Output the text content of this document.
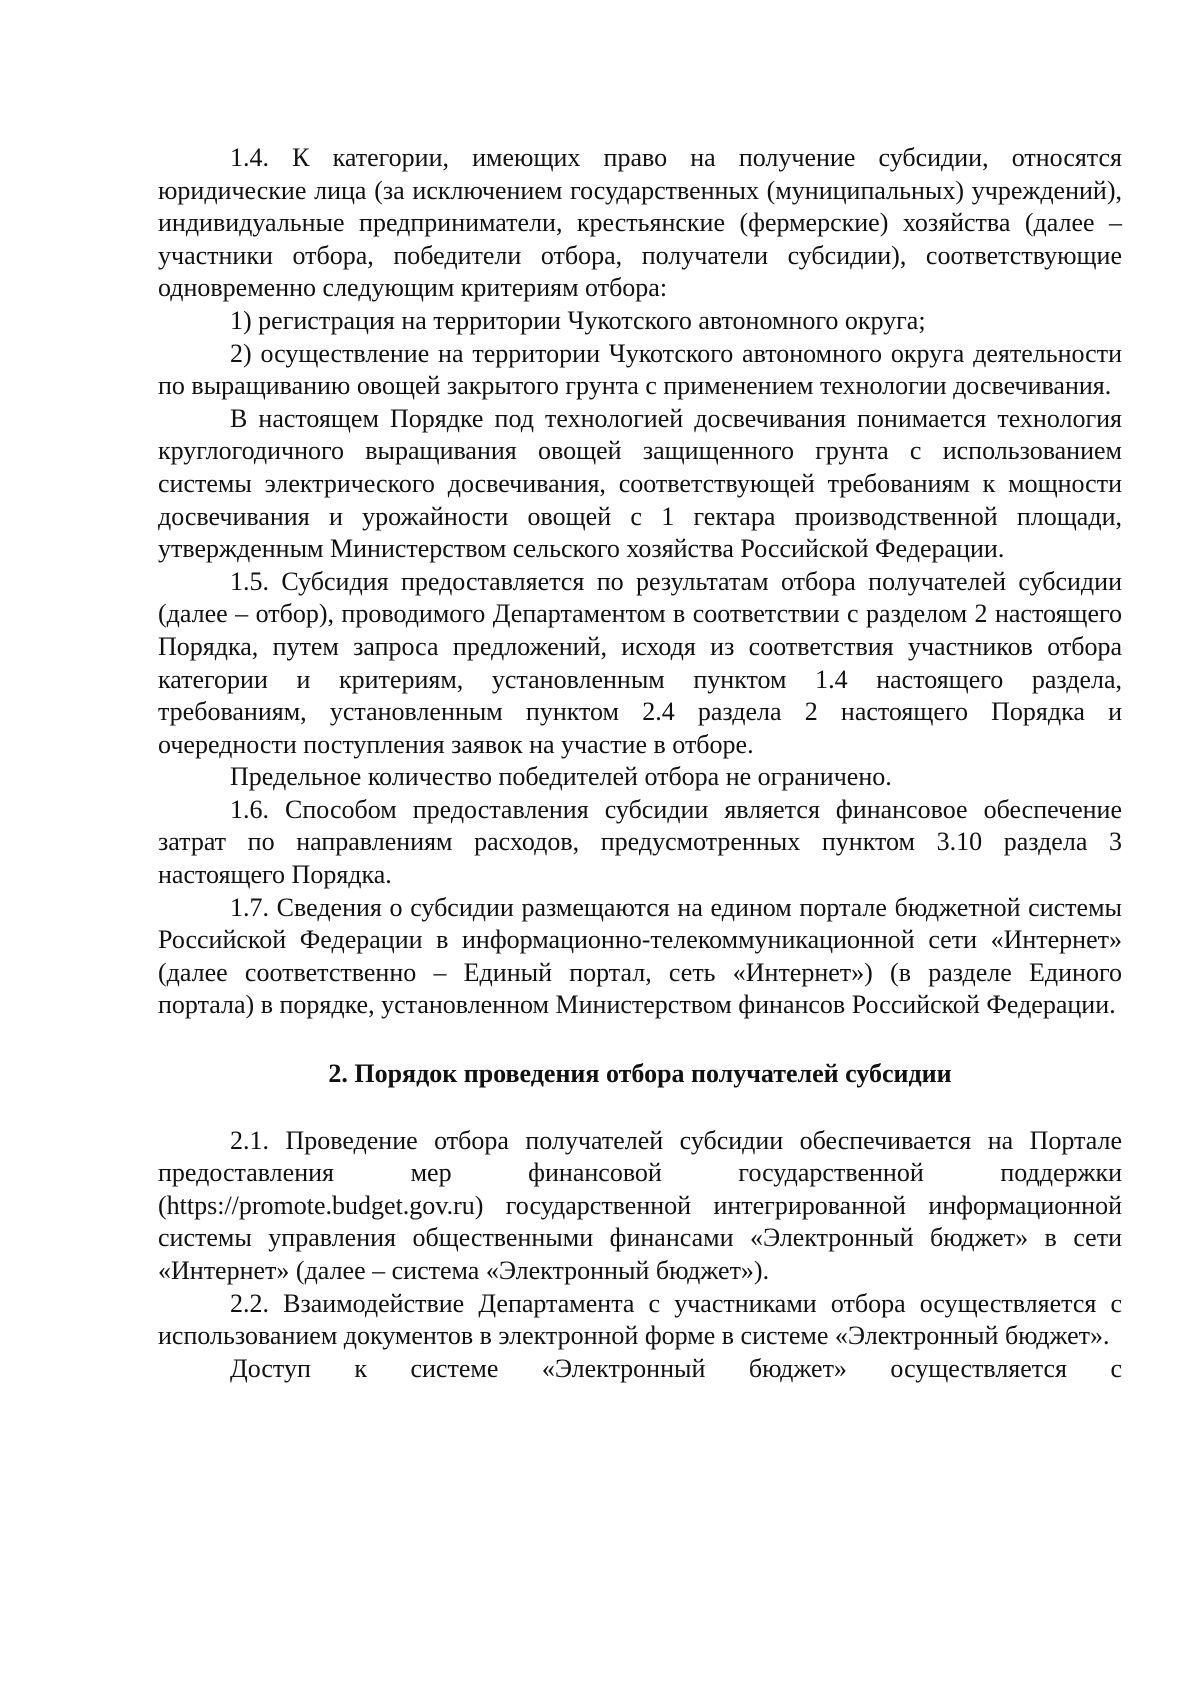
1.4. К категории, имеющих право на получение субсидии, относятся юридические лица (за исключением государственных (муниципальных) учреждений), индивидуальные предприниматели, крестьянские (фермерские) хозяйства (далее – участники отбора, победители отбора, получатели субсидии), соответствующие одновременно следующим критериям отбора:

1) регистрация на территории Чукотского автономного округа;

2) осуществление на территории Чукотского автономного округа деятельности по выращиванию овощей закрытого грунта с применением технологии досвечивания.

В настоящем Порядке под технологией досвечивания понимается технология круглогодичного выращивания овощей защищенного грунта с использованием системы электрического досвечивания, соответствующей требованиям к мощности досвечивания и урожайности овощей с 1 гектара производственной площади, утвержденным Министерством сельского хозяйства Российской Федерации.

1.5. Субсидия предоставляется по результатам отбора получателей субсидии (далее – отбор), проводимого Департаментом в соответствии с разделом 2 настоящего Порядка, путем запроса предложений, исходя из соответствия участников отбора категории и критериям, установленным пунктом 1.4 настоящего раздела, требованиям, установленным пунктом 2.4 раздела 2 настоящего Порядка и очередности поступления заявок на участие в отборе.

Предельное количество победителей отбора не ограничено.

1.6. Способом предоставления субсидии является финансовое обеспечение затрат по направлениям расходов, предусмотренных пунктом 3.10 раздела 3 настоящего Порядка.

1.7. Сведения о субсидии размещаются на едином портале бюджетной системы Российской Федерации в информационно-телекоммуникационной сети «Интернет» (далее соответственно – Единый портал, сеть «Интернет») (в разделе Единого портала) в порядке, установленном Министерством финансов Российской Федерации.

2. Порядок проведения отбора получателей субсидии

2.1. Проведение отбора получателей субсидии обеспечивается на Портале предоставления мер финансовой государственной поддержки (https://promote.budget.gov.ru) государственной интегрированной информационной системы управления общественными финансами «Электронный бюджет» в сети «Интернет» (далее – система «Электронный бюджет»).

2.2. Взаимодействие Департамента с участниками отбора осуществляется с использованием документов в электронной форме в системе «Электронный бюджет».

Доступ к системе «Электронный бюджет» осуществляется с
